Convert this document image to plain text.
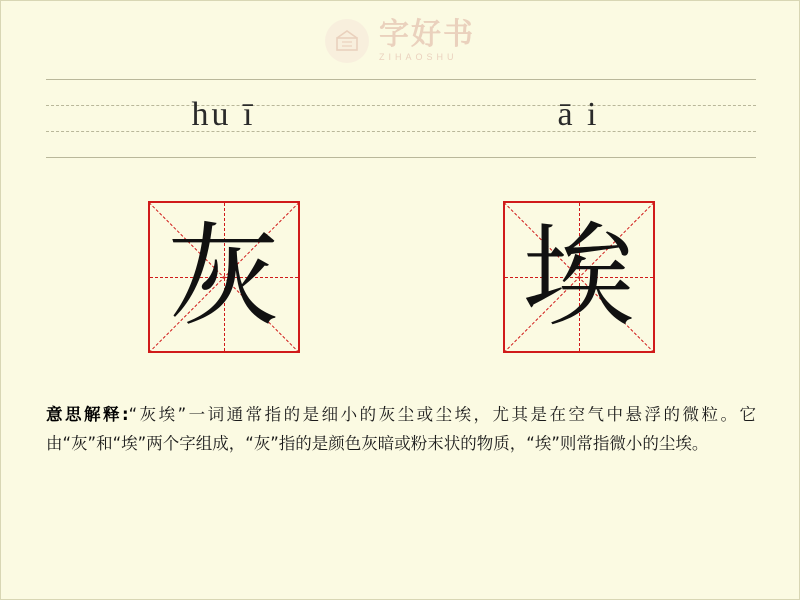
字好书
ZIHAOSHU
hu ī	ā i
灰 埃
意思解释:“灰埃”一词通常指的是细小的灰尘或尘埃，尤其是在空气中悬浮的微粒。它由“灰”和“埃”两个字组成，“灰”指的是颜色灰暗或粉末状的物质，“埃”则常指微小的尘埃。
